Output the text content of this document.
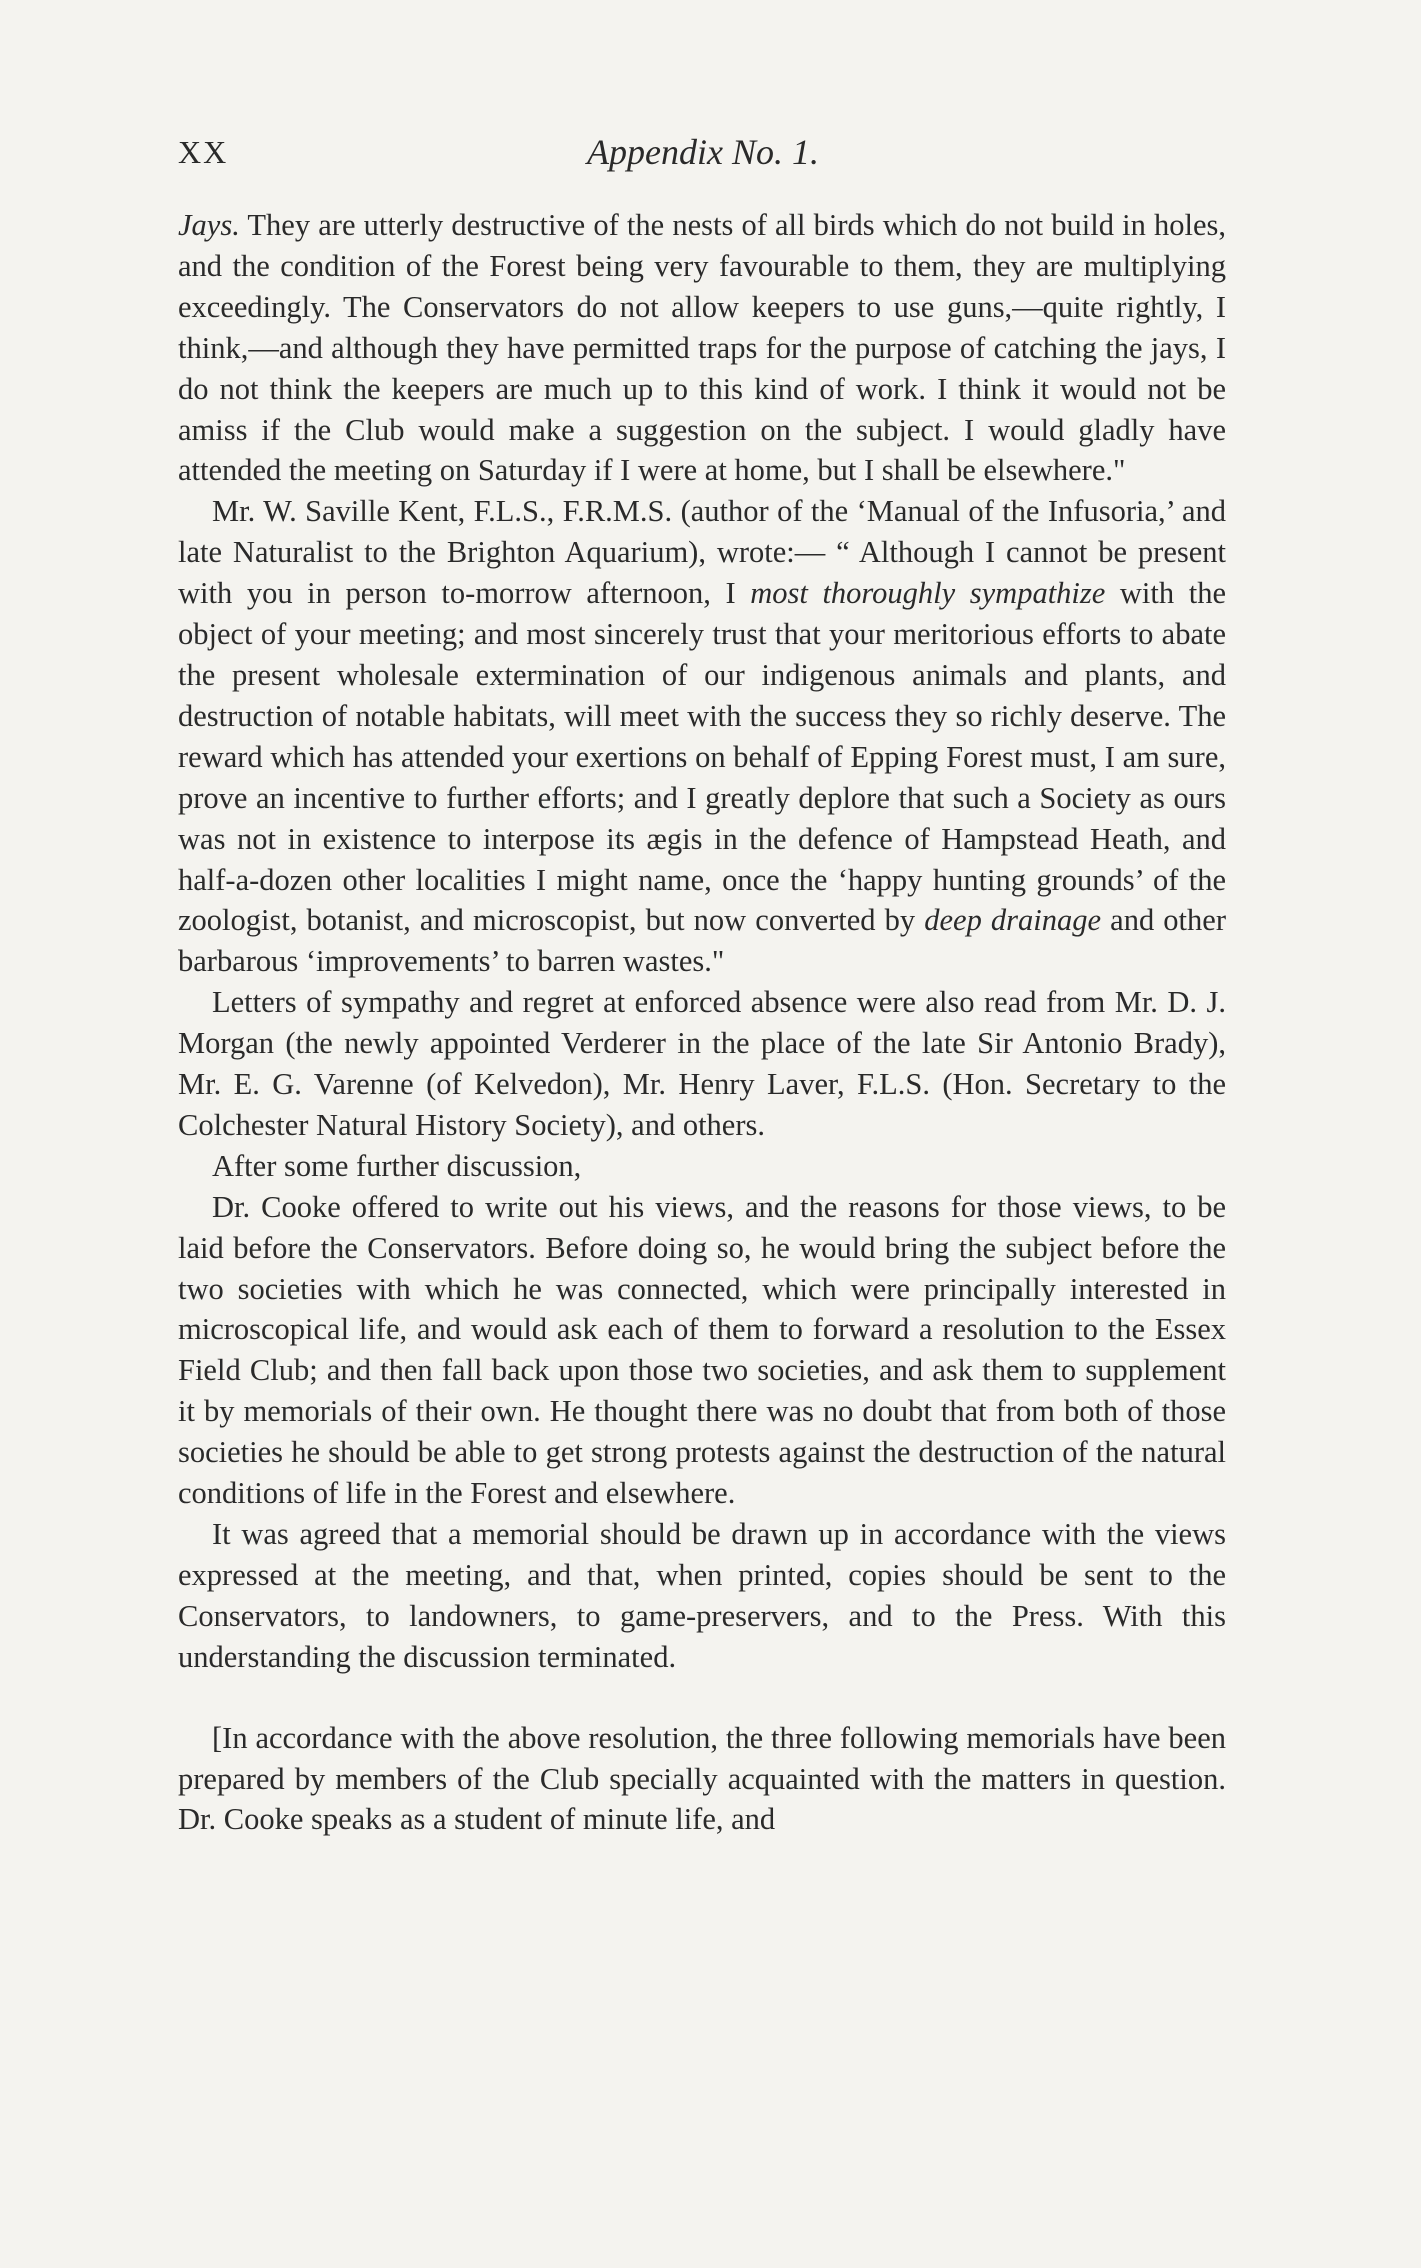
XX	Appendix No. 1.

Jays. They are utterly destructive of the nests of all birds which do not build in holes, and the condition of the Forest being very favourable to them, they are multiplying exceedingly. The Conservators do not allow keepers to use guns,—quite rightly, I think,—and although they have permitted traps for the purpose of catching the jays, I do not think the keepers are much up to this kind of work. I think it would not be amiss if the Club would make a suggestion on the subject. I would gladly have attended the meeting on Saturday if I were at home, but I shall be elsewhere."

Mr. W. Saville Kent, F.L.S., F.R.M.S. (author of the ‘Manual of the Infusoria,’ and late Naturalist to the Brighton Aquarium), wrote:— “ Although I cannot be present with you in person to-morrow afternoon, I most thoroughly sympathize with the object of your meeting; and most sincerely trust that your meritorious efforts to abate the present wholesale extermination of our indigenous animals and plants, and destruction of notable habitats, will meet with the success they so richly deserve. The reward which has attended your exertions on behalf of Epping Forest must, I am sure, prove an incentive to further efforts; and I greatly deplore that such a Society as ours was not in existence to interpose its ægis in the defence of Hampstead Heath, and half-a-dozen other localities I might name, once the ‘happy hunting grounds’ of the zoologist, botanist, and microscopist, but now converted by deep drainage and other barbarous ‘improvements’ to barren wastes."

Letters of sympathy and regret at enforced absence were also read from Mr. D. J. Morgan (the newly appointed Verderer in the place of the late Sir Antonio Brady), Mr. E. G. Varenne (of Kelvedon), Mr. Henry Laver, F.L.S. (Hon. Secretary to the Colchester Natural History Society), and others.

After some further discussion,

Dr. Cooke offered to write out his views, and the reasons for those views, to be laid before the Conservators. Before doing so, he would bring the subject before the two societies with which he was connected, which were principally interested in microscopical life, and would ask each of them to forward a resolution to the Essex Field Club; and then fall back upon those two societies, and ask them to supplement it by memorials of their own. He thought there was no doubt that from both of those societies he should be able to get strong protests against the destruction of the natural conditions of life in the Forest and elsewhere.

It was agreed that a memorial should be drawn up in accordance with the views expressed at the meeting, and that, when printed, copies should be sent to the Conservators, to landowners, to game-preservers, and to the Press. With this understanding the discussion terminated.

[In accordance with the above resolution, the three following memorials have been prepared by members of the Club specially acquainted with the matters in question. Dr. Cooke speaks as a student of minute life, and
